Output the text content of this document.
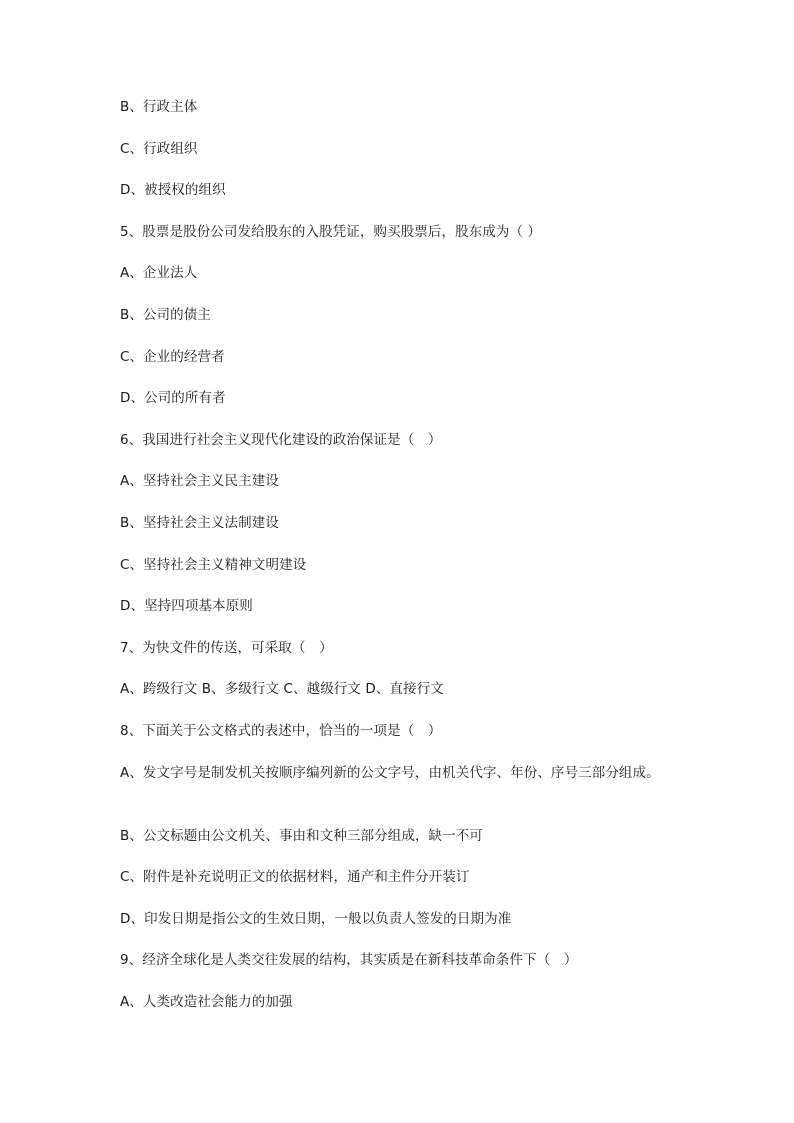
B、行政主体
C、行政组织
D、被授权的组织
5、股票是股份公司发给股东的入股凭证，购买股票后，股东成为（ ）
A、企业法人
B、公司的债主
C、企业的经营者
D、公司的所有者
6、我国进行社会主义现代化建设的政治保证是（　）
A、坚持社会主义民主建设
B、坚持社会主义法制建设
C、坚持社会主义精神文明建设
D、坚持四项基本原则
7、为快文件的传送，可采取（　）
A、跨级行文 B、多级行文 C、越级行文 D、直接行文
8、下面关于公文格式的表述中，恰当的一项是（　）
A、发文字号是制发机关按顺序编列新的公文字号，由机关代字、年份、序号三部分组成。
B、公文标题由公文机关、事由和文种三部分组成，缺一不可
C、附件是补充说明正文的依据材料，通产和主件分开装订
D、印发日期是指公文的生效日期，一般以负责人签发的日期为准
9、经济全球化是人类交往发展的结构，其实质是在新科技革命条件下（　）
A、人类改造社会能力的加强
